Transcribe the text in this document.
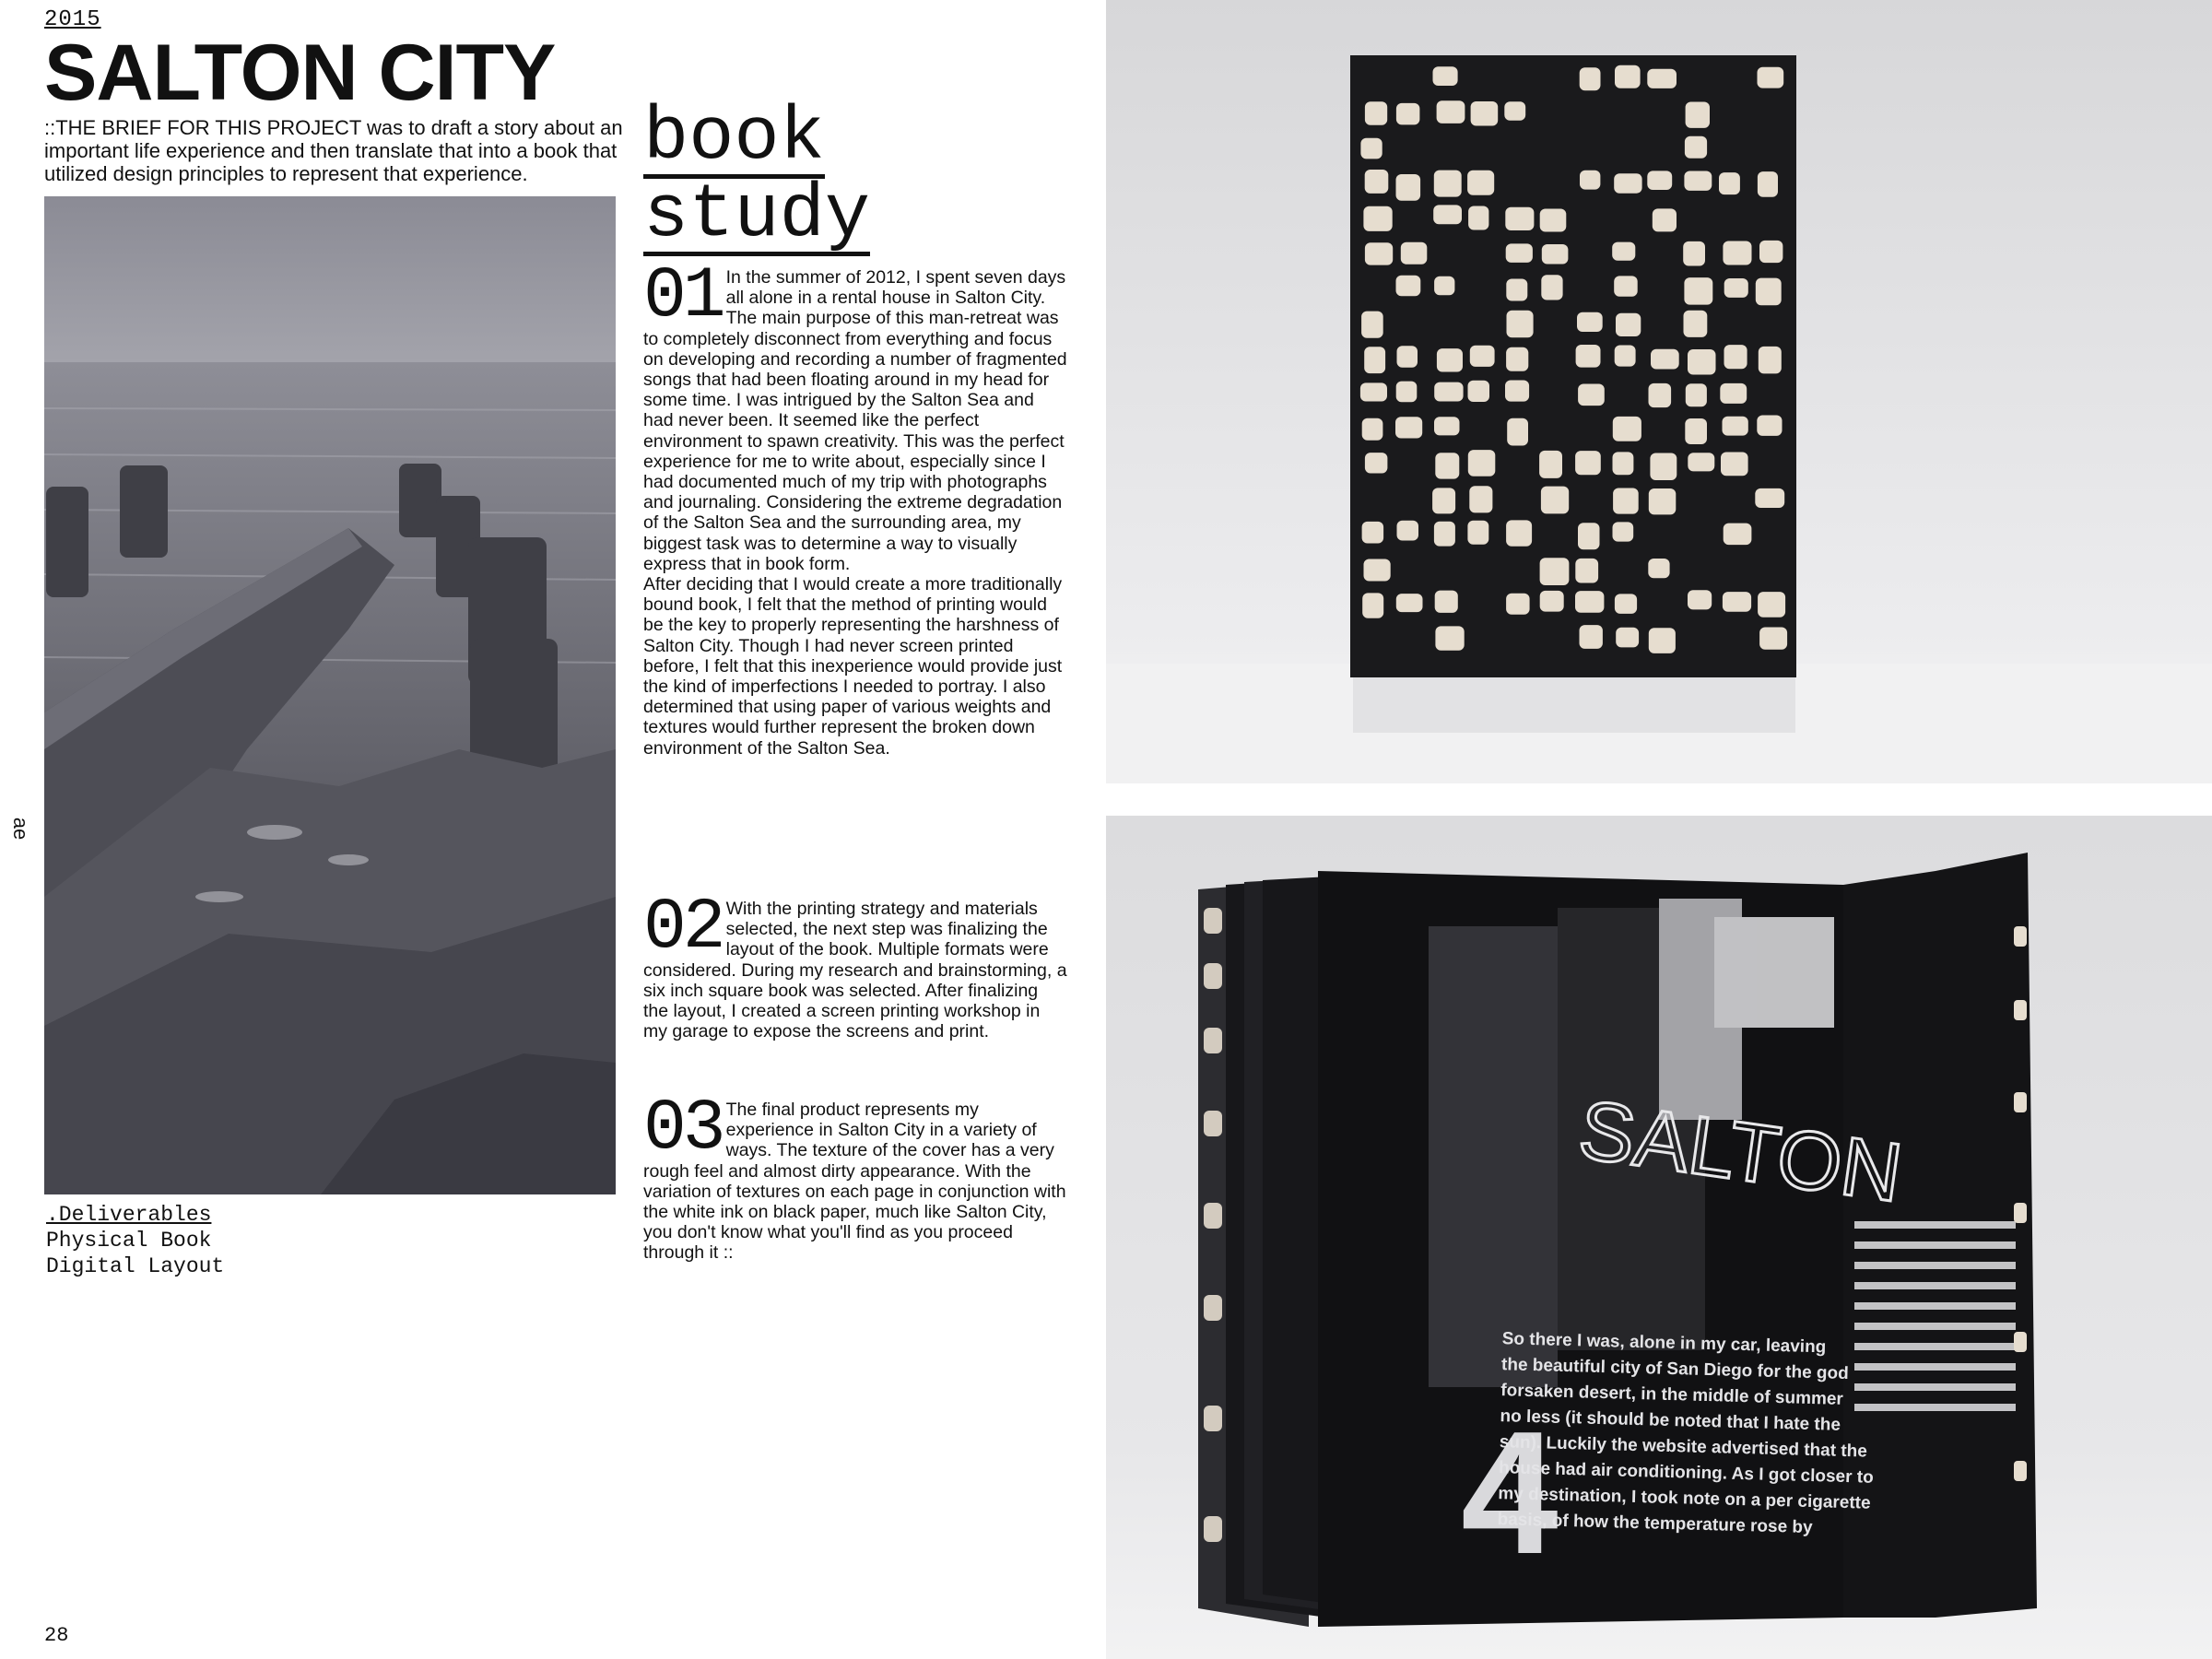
2015
SALTON CITY
::THE BRIEF FOR THIS PROJECT was to draft a story about an important life experience and then translate that into a book that utilized design principles to represent that experience.
.Deliverables
Physical Book
Digital Layout
ae
28
book
study
01 In the summer of 2012, I spent seven days all alone in a rental house in Salton City. The main purpose of this man-retreat was to completely disconnect from everything and focus on developing and recording a number of fragmented songs that had been floating around in my head for some time. I was intrigued by the Salton Sea and had never been. It seemed like the perfect environment to spawn creativity. This was the perfect experience for me to write about, especially since I had documented much of my trip with photographs and journaling. Considering the extreme degradation of the Salton Sea and the surrounding area, my biggest task was to determine a way to visually express that in book form.

After deciding that I would create a more traditionally bound book, I felt that the method of printing would be the key to properly representing the harshness of Salton City. Though I had never screen printed before, I felt that this inexperience would provide just the kind of imperfections I needed to portray. I also determined that using paper of various weights and textures would further represent the broken down environment of the Salton Sea.

02 With the printing strategy and materials selected, the next step was finalizing the layout of the book. Multiple formats were considered. During my research and brainstorming, a six inch square book was selected. After finalizing the layout, I created a screen printing workshop in my garage to expose the screens and print.

03 The final product represents my experience in Salton City in a variety of ways. The texture of the cover has a very rough feel and almost dirty appearance. With the variation of textures on each page in conjunction with the white ink on black paper, much like Salton City, you don't know what you'll find as you proceed through it ::

SALTON
4
So there I was, alone in my car, leaving
the beautiful city of San Diego for the god
forsaken desert, in the middle of summer
no less (it should be noted that I hate the
sun). Luckily the website advertised that the
house had air conditioning. As I got closer to
my destination, I took note on a per cigarette
basis, of how the temperature rose by
